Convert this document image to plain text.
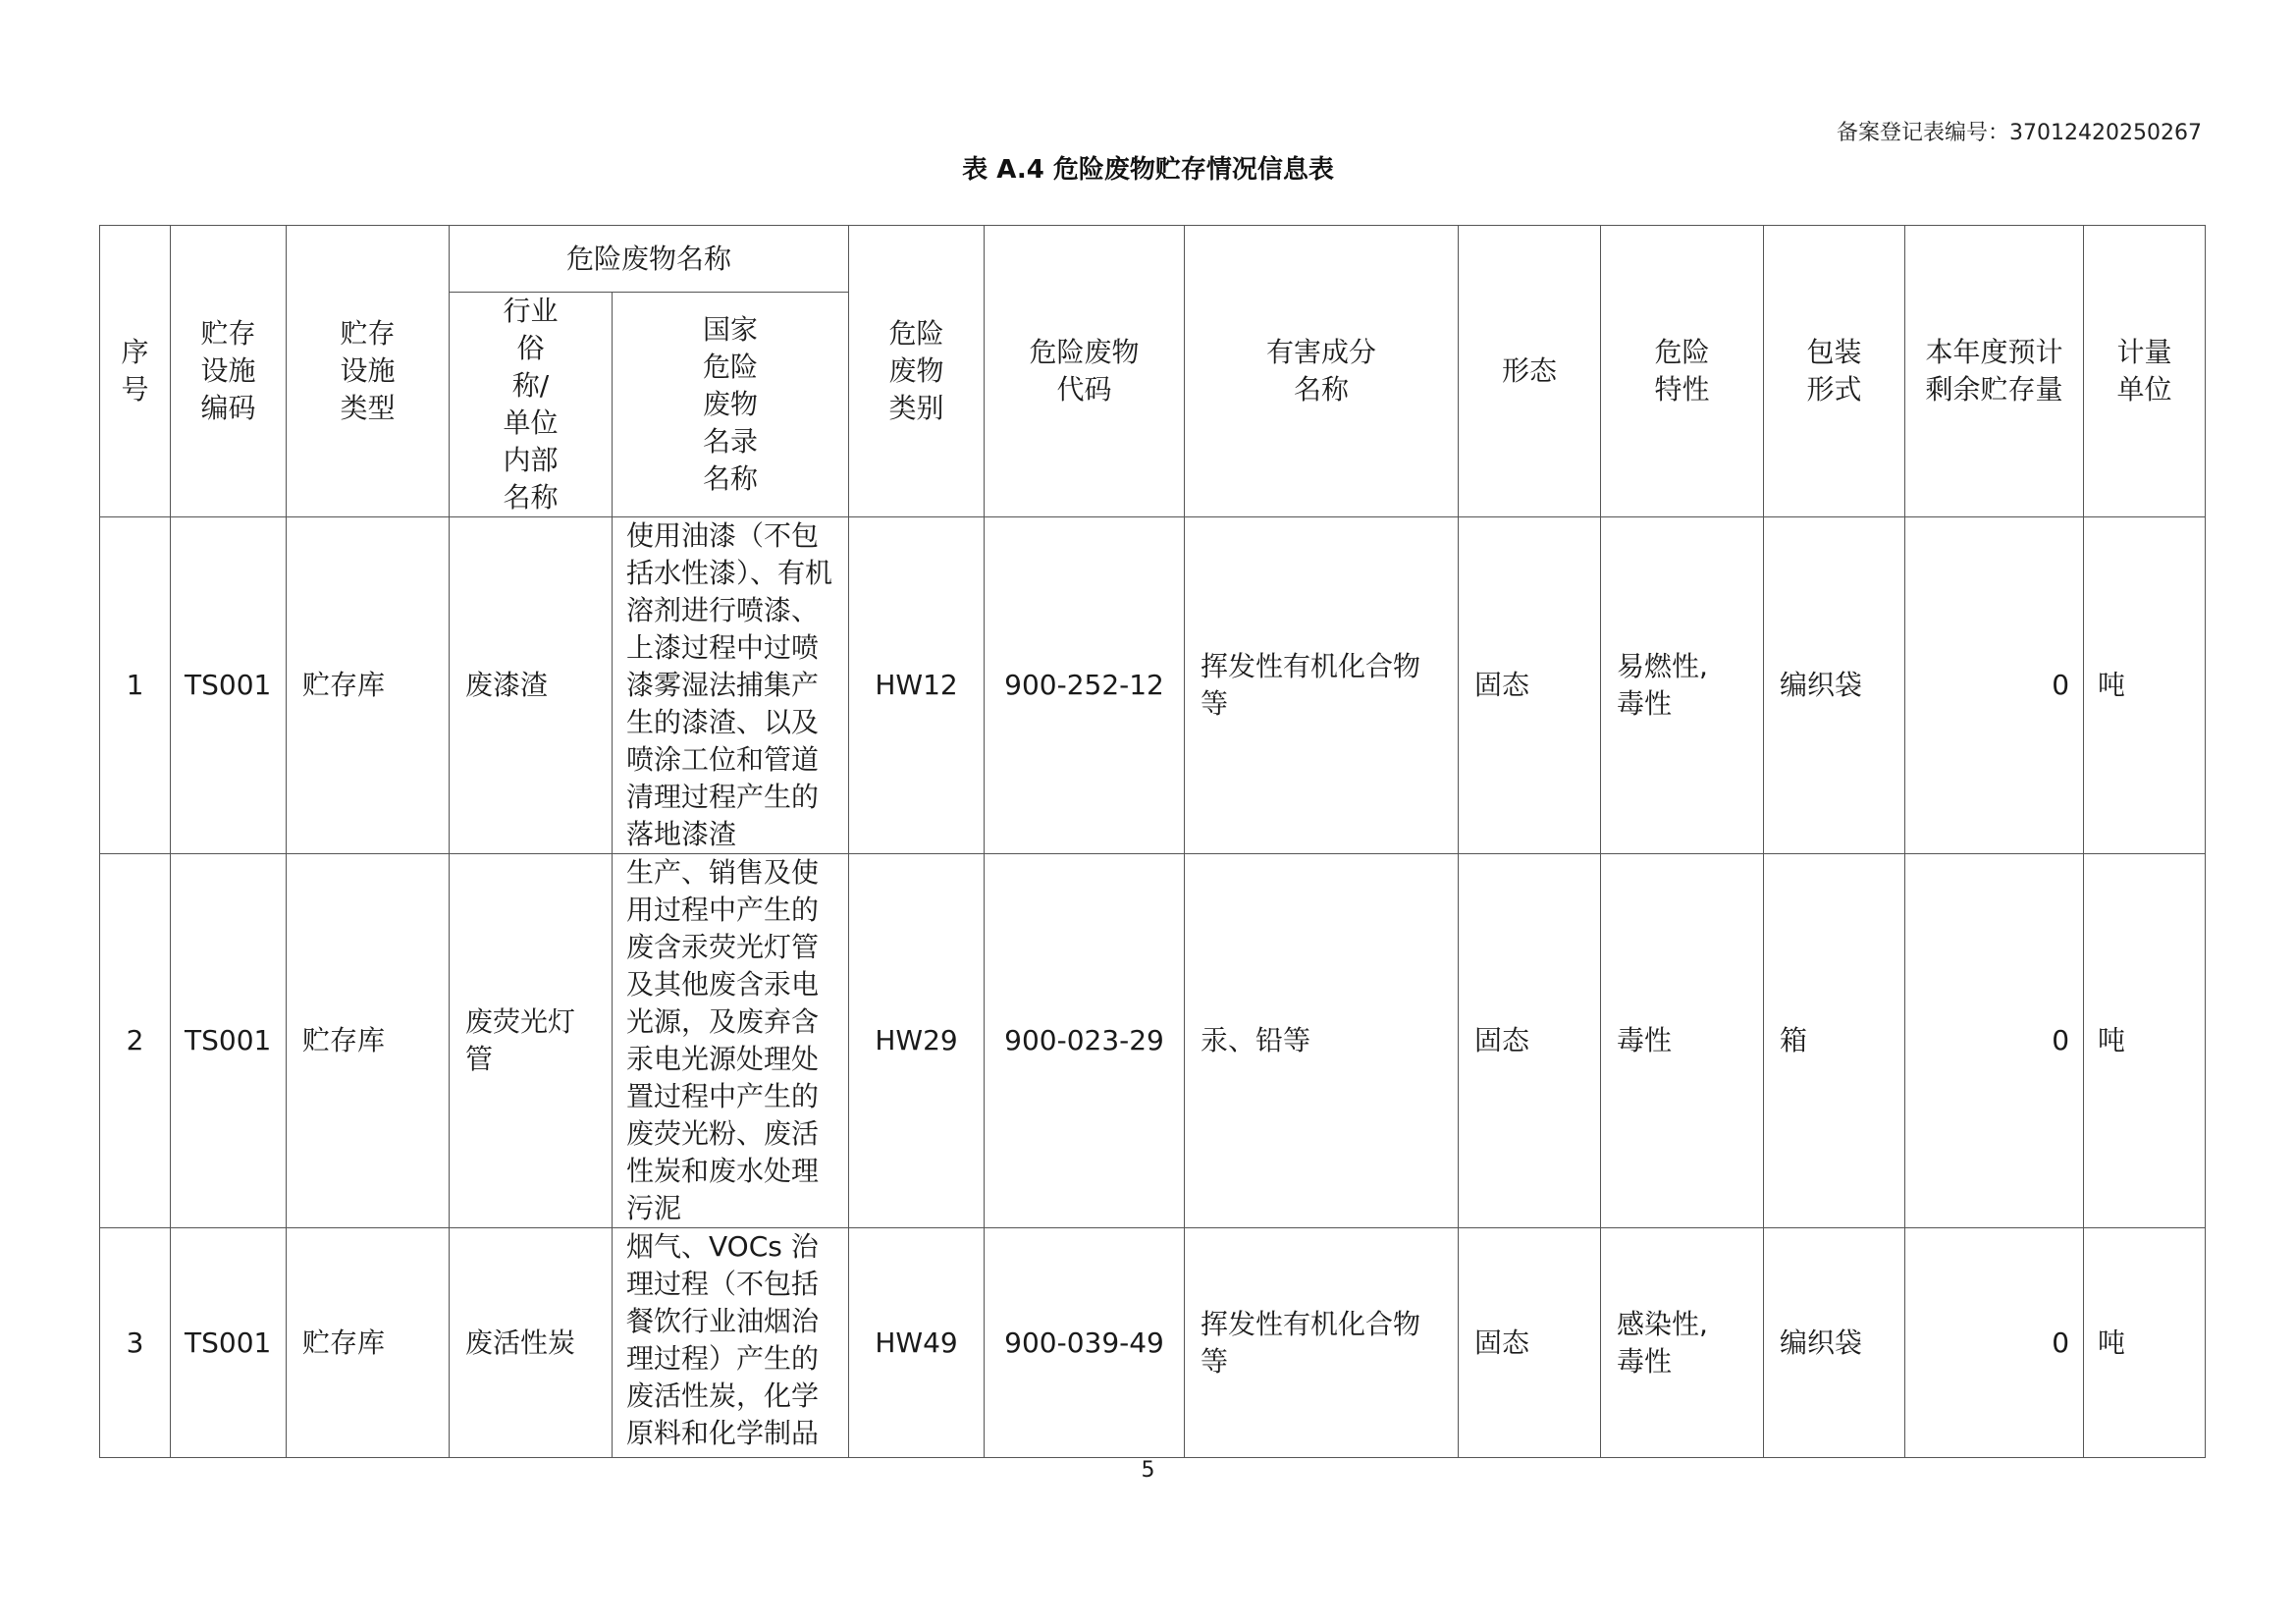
备案登记表编号：37012420250267
表 A.4 危险废物贮存情况信息表
序号	贮存设施编码	贮存设施类型	危险废物名称		危险废物类别	危险废物代码	有害成分名称	形态	危险特性	包装形式	本年度预计剩余贮存量	计量单位
			行业俗称/单位内部名称	国家危险废物名录名称								
1	TS001	贮存库	废漆渣	使用油漆（不包括水性漆）、有机溶剂进行喷漆、上漆过程中过喷漆雾湿法捕集产生的漆渣、以及喷涂工位和管道清理过程产生的落地漆渣	HW12	900-252-12	挥发性有机化合物等	固态	易燃性,毒性	编织袋	0	吨
2	TS001	贮存库	废荧光灯管	生产、销售及使用过程中产生的废含汞荧光灯管及其他废含汞电光源，及废弃含汞电光源处理处置过程中产生的废荧光粉、废活性炭和废水处理污泥	HW29	900-023-29	汞、铅等	固态	毒性	箱	0	吨
3	TS001	贮存库	废活性炭	烟气、VOCs 治理过程（不包括餐饮行业油烟治理过程）产生的废活性炭，化学原料和化学制品	HW49	900-039-49	挥发性有机化合物等	固态	感染性,毒性	编织袋	0	吨
5
